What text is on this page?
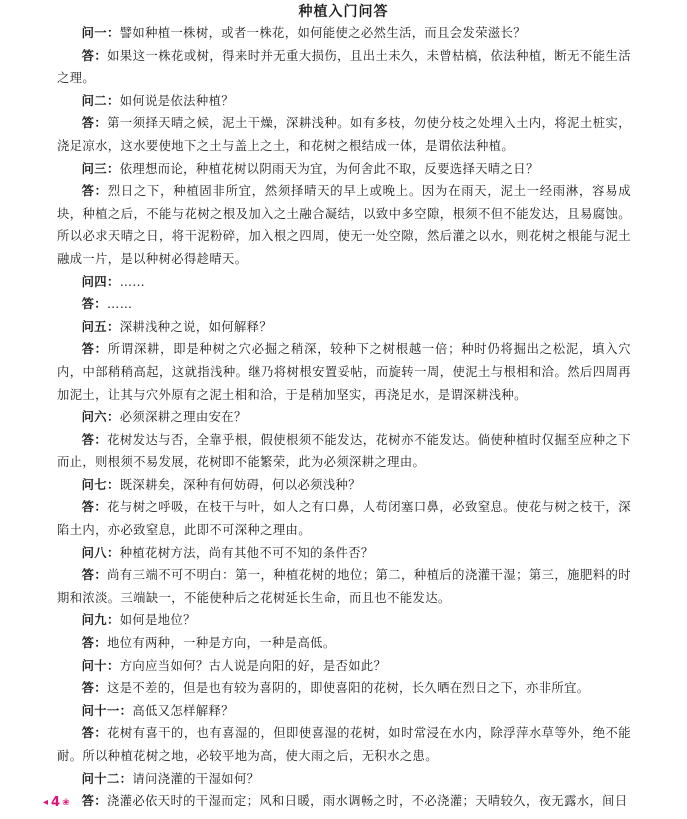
种植入门问答

问一：譬如种植一株树，或者一株花，如何能使之必然生活，而且会发荣滋长？

答：如果这一株花或树，得来时并无重大损伤，且出土未久，未曾枯槁，依法种植，断无不能生活之理。

问二：如何说是依法种植？

答：第一须择天晴之候，泥土干燥，深耕浅种。如有多枝，勿使分枝之处埋入土内，将泥土桩实，浇足凉水，这水要使地下之土与盖上之土，和花树之根结成一体，是谓依法种植。

问三：依理想而论，种植花树以阴雨天为宜，为何舍此不取，反要选择天晴之日？

答：烈日之下，种植固非所宜，然须择晴天的早上或晚上。因为在雨天，泥土一经雨淋，容易成块，种植之后，不能与花树之根及加入之土融合凝结，以致中多空隙，根须不但不能发达，且易腐蚀。所以必求天晴之日，将干泥粉碎，加入根之四周，使无一处空隙，然后灌之以水，则花树之根能与泥土融成一片，是以种树必得趁晴天。

问四：……

答：……

问五：深耕浅种之说，如何解释？

答：所谓深耕，即是种树之穴必掘之稍深，较种下之树根越一倍；种时仍将掘出之松泥，填入穴内，中部稍稍高起，这就指浅种。继乃将树根安置妥帖，而旋转一周，使泥土与根相和洽。然后四周再加泥土，让其与穴外原有之泥土相和洽，于是稍加坚实，再浇足水，是谓深耕浅种。

问六：必须深耕之理由安在？

答：花树发达与否，全靠乎根，假使根须不能发达，花树亦不能发达。倘使种植时仅掘至应种之下而止，则根须不易发展，花树即不能繁荣，此为必须深耕之理由。

问七：既深耕矣，深种有何妨碍，何以必须浅种？

答：花与树之呼吸，在枝干与叶，如人之有口鼻，人苟闭塞口鼻，必致窒息。使花与树之枝干，深陷土内，亦必致窒息，此即不可深种之理由。

问八：种植花树方法，尚有其他不可不知的条件否？

答：尚有三端不可不明白：第一，种植花树的地位；第二，种植后的浇灌干湿；第三，施肥料的时期和浓淡。三端缺一，不能使种后之花树延长生命，而且也不能发达。

问九：如何是地位？

答：地位有两种，一种是方向，一种是高低。

问十：方向应当如何？古人说是向阳的好，是否如此？

答：这是不差的，但是也有较为喜阴的，即使喜阳的花树，长久晒在烈日之下，亦非所宜。

问十一：高低又怎样解释？

答：花树有喜干的，也有喜湿的，但即使喜湿的花树，如时常浸在水内，除浮萍水草等外，绝不能耐。所以种植花树之地，必较平地为高，使大雨之后，无积水之患。

问十二：请问浇灌的干湿如何？

答：浇灌必依天时的干湿而定；风和日暖，雨水调畅之时，不必浇灌；天晴较久，夜无露水，间日

◂ 4 ❀
